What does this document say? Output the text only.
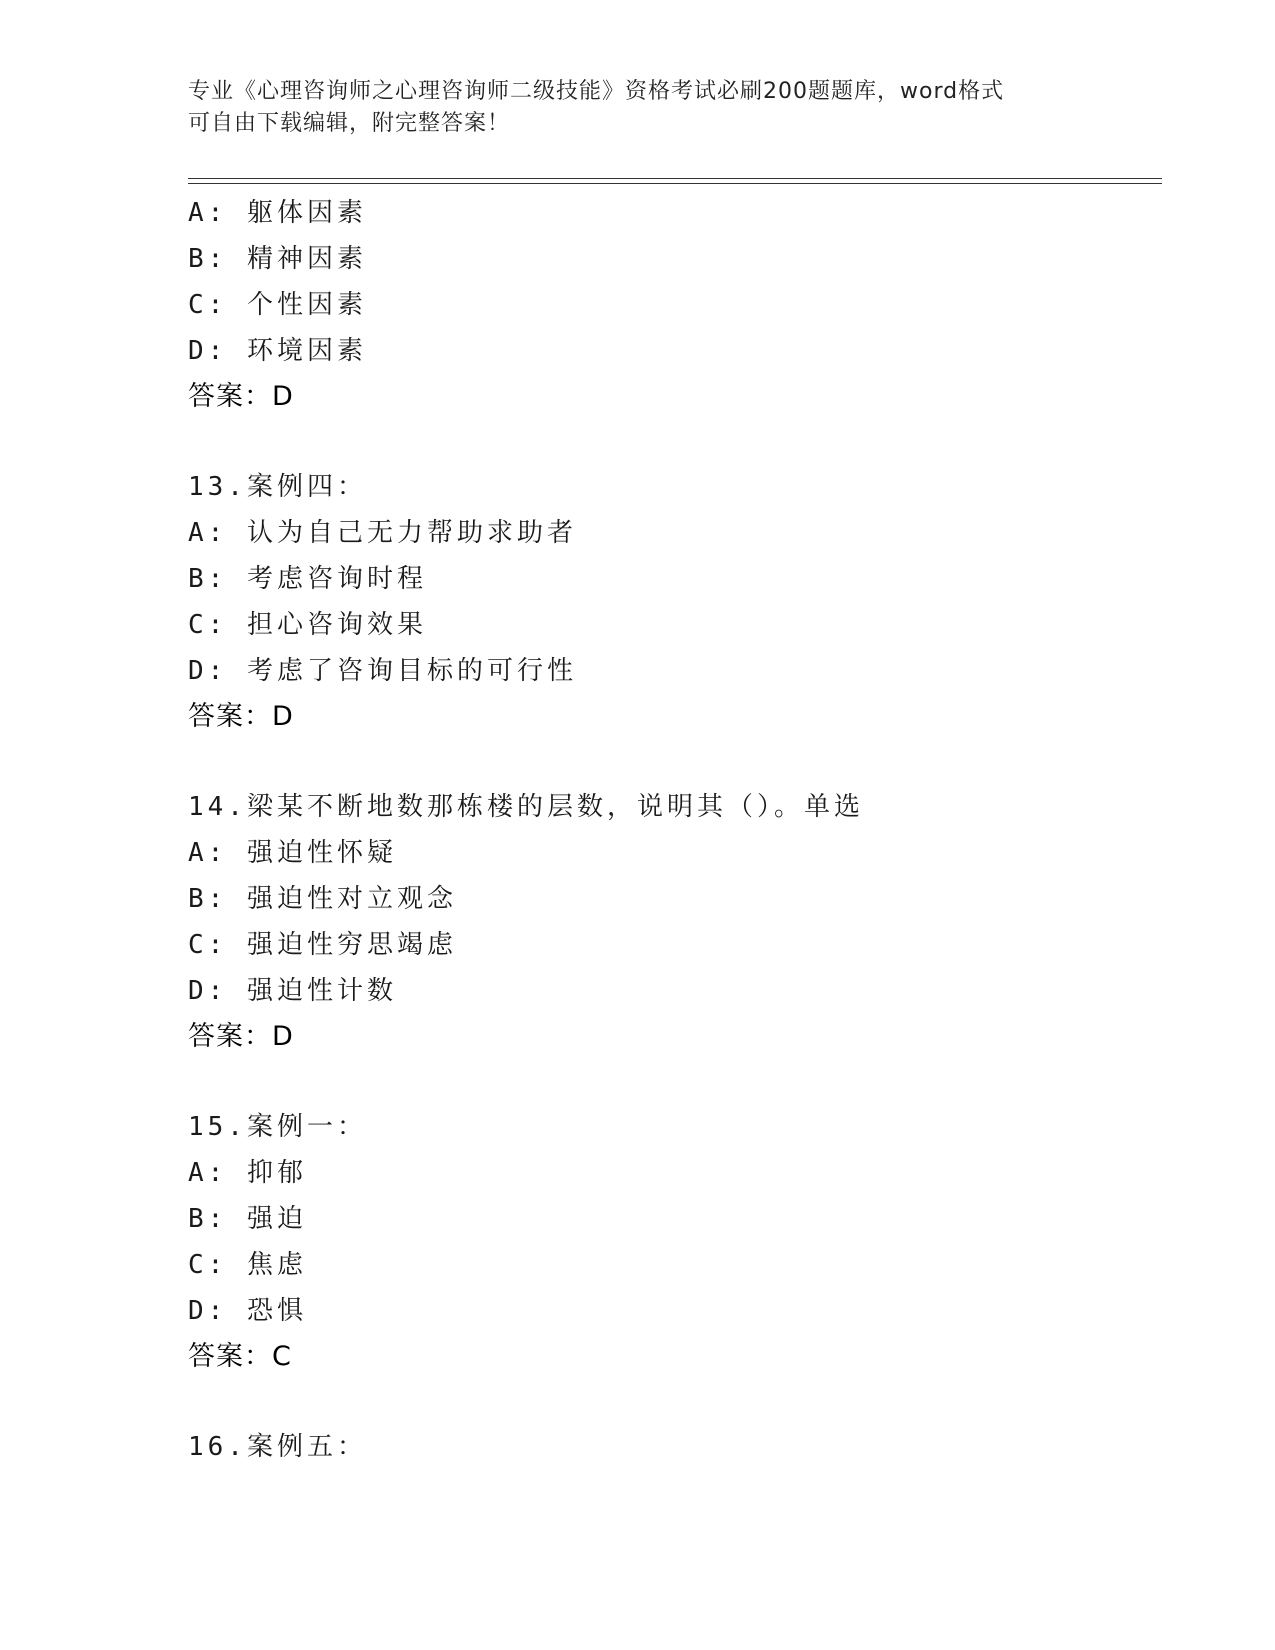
专业《心理咨询师之心理咨询师二级技能》资格考试必刷200题题库，word格式
可自由下载编辑，附完整答案！
A: 躯体因素
B: 精神因素
C: 个性因素
D: 环境因素
答案：D
13.案例四：
A: 认为自己无力帮助求助者
B: 考虑咨询时程
C: 担心咨询效果
D: 考虑了咨询目标的可行性
答案：D
14.梁某不断地数那栋楼的层数，说明其（）。单选
A: 强迫性怀疑
B: 强迫性对立观念
C: 强迫性穷思竭虑
D: 强迫性计数
答案：D
15.案例一：
A: 抑郁
B: 强迫
C: 焦虑
D: 恐惧
答案：C
16.案例五：
